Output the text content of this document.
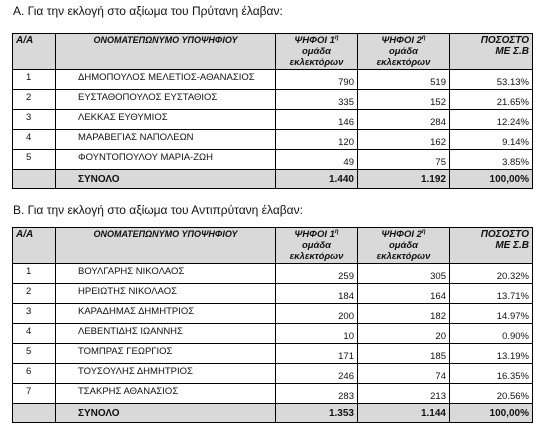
Α. Για την εκλογή στο αξίωμα του Πρύτανη έλαβαν:
Α/Α	ΟΝΟΜΑΤΕΠΩΝΥΜΟ ΥΠΟΨΗΦΙΟΥ	ΨΗΦΟΙ $1^\eta$
ομάδα
εκλεκτόρων	ΨΗΦΟΙ $2^\eta$
ομάδα
εκλεκτόρων	ΠΟΣΟΣΤΟ
ΜΕ Σ.Β
1	ΔΗΜΟΠΟΥΛΟΣ ΜΕΛΕΤΙΟΣ-ΑΘΑΝΑΣΙΟΣ	790	519	53.13%
2	ΕΥΣΤΑΘΟΠΟΥΛΟΣ ΕΥΣΤΑΘΙΟΣ	335	152	21.65%
3	ΛΕΚΚΑΣ ΕΥΘΥΜΙΟΣ	146	284	12.24%
4	ΜΑΡΑΒΕΓΙΑΣ ΝΑΠΟΛΕΩΝ	120	162	9.14%
5	ΦΟΥΝΤΟΠΟΥΛΟΥ ΜΑΡΙΑ-ΖΩΗ	49	75	3.85%
	ΣΥΝΟΛΟ	1.440	1.192	100,00%
Β. Για την εκλογή στο αξίωμα του Αντιπρύτανη έλαβαν:
Α/Α	ΟΝΟΜΑΤΕΠΩΝΥΜΟ ΥΠΟΨΗΦΙΟΥ	ΨΗΦΟΙ $1^\eta$
ομάδα
εκλεκτόρων	ΨΗΦΟΙ $2^\eta$
ομάδα
εκλεκτόρων	ΠΟΣΟΣΤΟ
ΜΕ Σ.Β
1	ΒΟΥΛΓΑΡΗΣ ΝΙΚΟΛΑΟΣ	259	305	20.32%
2	ΗΡΕΙΩΤΗΣ ΝΙΚΟΛΑΟΣ	184	164	13.71%
3	ΚΑΡΑΔΗΜΑΣ ΔΗΜΗΤΡΙΟΣ	200	182	14.97%
4	ΛΕΒΕΝΤΙΔΗΣ ΙΩΑΝΝΗΣ	10	20	0.90%
5	ΤΟΜΠΡΑΣ ΓΕΩΡΓΙΟΣ	171	185	13.19%
6	ΤΟΥΣΟΥΛΗΣ ΔΗΜΗΤΡΙΟΣ	246	74	16.35%
7	ΤΣΑΚΡΗΣ ΑΘΑΝΑΣΙΟΣ	283	213	20.56%
	ΣΥΝΟΛΟ	1.353	1.144	100,00%
